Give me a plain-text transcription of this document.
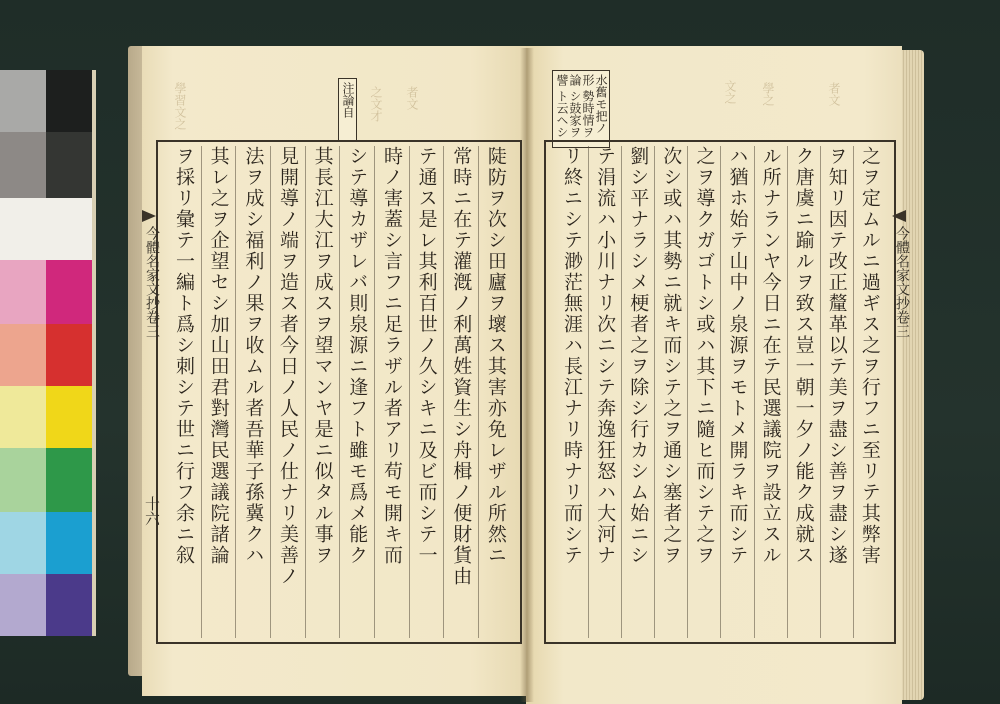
學習文之	之文才 者文	文之 學之	者文
注論自
陡防ヲ次シ田廬ヲ壞ス其害亦免レザル所然ニ
常時ニ在テ灌漑ノ利萬姓資生シ舟楫ノ便財貨由
テ通ス是レ其利百世ノ久シキニ及ビ而シテ一
時ノ害蓋シ言フニ足ラザル者アリ苟モ開キ而
シテ導カザレバ則泉源ニ逢フト雖モ爲メ能ク
其長江大江ヲ成スヲ望マンヤ是ニ似タル事ヲ
見開導ノ端ヲ造ス者今日ノ人民ノ仕ナリ美善ノ
法ヲ成シ福利ノ果ヲ收ムル者吾華子孫冀クハ
其レ之ヲ企望セシ加山田君對灣民選議院諸論
ヲ採リ彙テ一編ト爲シ刺シテ世ニ行フ余ニ叙
今體名家文抄卷三
十六
水舊モ把ノ形 勢時情ヲ論 シ鼓家ヲ譬 ト云ヘシ
之ヲ定ムルニ過ギス之ヲ行フニ至リテ其弊害
ヲ知リ因テ改正釐革以テ美ヲ盡シ善ヲ盡シ遂
ク唐虞ニ踰ルヲ致ス豈一朝一夕ノ能ク成就ス
ル所ナランヤ今日ニ在テ民選議院ヲ設立スル
ハ猶ホ始テ山中ノ泉源ヲモトメ開ラキ而シテ
之ヲ導クガゴトシ或ハ其下ニ隨ヒ而シテ之ヲ
次シ或ハ其勢ニ就キ而シテ之ヲ通シ塞者之ヲ
劉シ平ナラシメ梗者之ヲ除シ行カシム始ニシ
テ涓流ハ小川ナリ次ニシテ奔逸狂怒ハ大河ナ
リ終ニシテ渺茫無涯ハ長江ナリ時ナリ而シテ	今體名家文抄卷三
